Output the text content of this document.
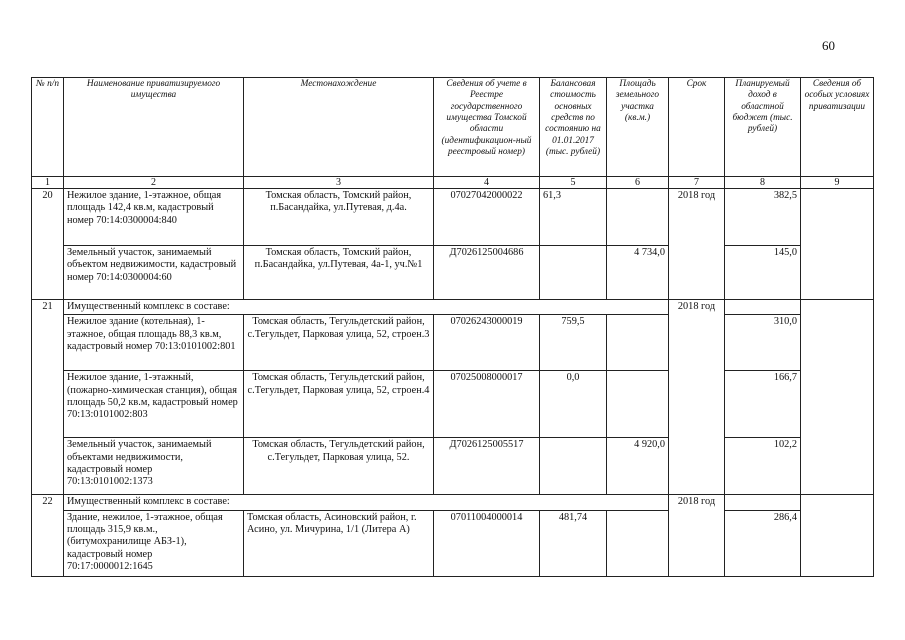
60
№ п/п	Наименование приватизируемого имущества	Местонахождение	Сведения об учете в Реестре государственного имущества Томской области (идентификацион-ный реестровый номер)	Балансовая стоимость основных средств по состоянию на 01.01.2017 (тыс. рублей)	Площадь земельного участка (кв.м.)	Срок	Планируемый доход в областной бюджет (тыс. рублей)	Сведения об особых условиях приватизации
1	2	3	4	5	6	7	8	9
20	Нежилое здание, 1-этажное, общая площадь 142,4 кв.м, кадастровый номер 70:14:0300004:840	Томская область, Томский район, п.Басандайка, ул.Путевая, д.4а.	07027042000022	61,3		2018 год	382,5	
	Земельный участок, занимаемый объектом недвижимости, кадастровый номер 70:14:0300004:60	Томская область, Томский район, п.Басандайка, ул.Путевая, 4а-1, уч.№1	Д7026125004686		4 734,0		145,0	
21	Имущественный комплекс в составе:					2018 год		
	Нежилое здание (котельная), 1-этажное, общая площадь 88,3 кв.м, кадастровый номер 70:13:0101002:801	Томская область, Тегульдетский район, с.Тегульдет, Парковая улица, 52, строен.3	07026243000019	759,5			310,0	
	Нежилое здание, 1-этажный, (пожарно-химическая станция), общая площадь 50,2 кв.м, кадастровый номер 70:13:0101002:803	Томская область, Тегульдетский район, с.Тегульдет, Парковая улица, 52, строен.4	07025008000017	0,0			166,7	
	Земельный участок, занимаемый объектами недвижимости, кадастровый номер 70:13:0101002:1373	Томская область, Тегульдетский район, с.Тегульдет, Парковая улица, 52.	Д7026125005517		4 920,0		102,2	
22	Имущественный комплекс в составе:					2018 год		
	Здание, нежилое, 1-этажное, общая площадь 315,9 кв.м.,(битумохранилище АБЗ-1), кадастровый номер 70:17:0000012:1645	Томская область, Асиновский район, г. Асино, ул. Мичурина, 1/1 (Литера А)	07011004000014	481,74			286,4	
